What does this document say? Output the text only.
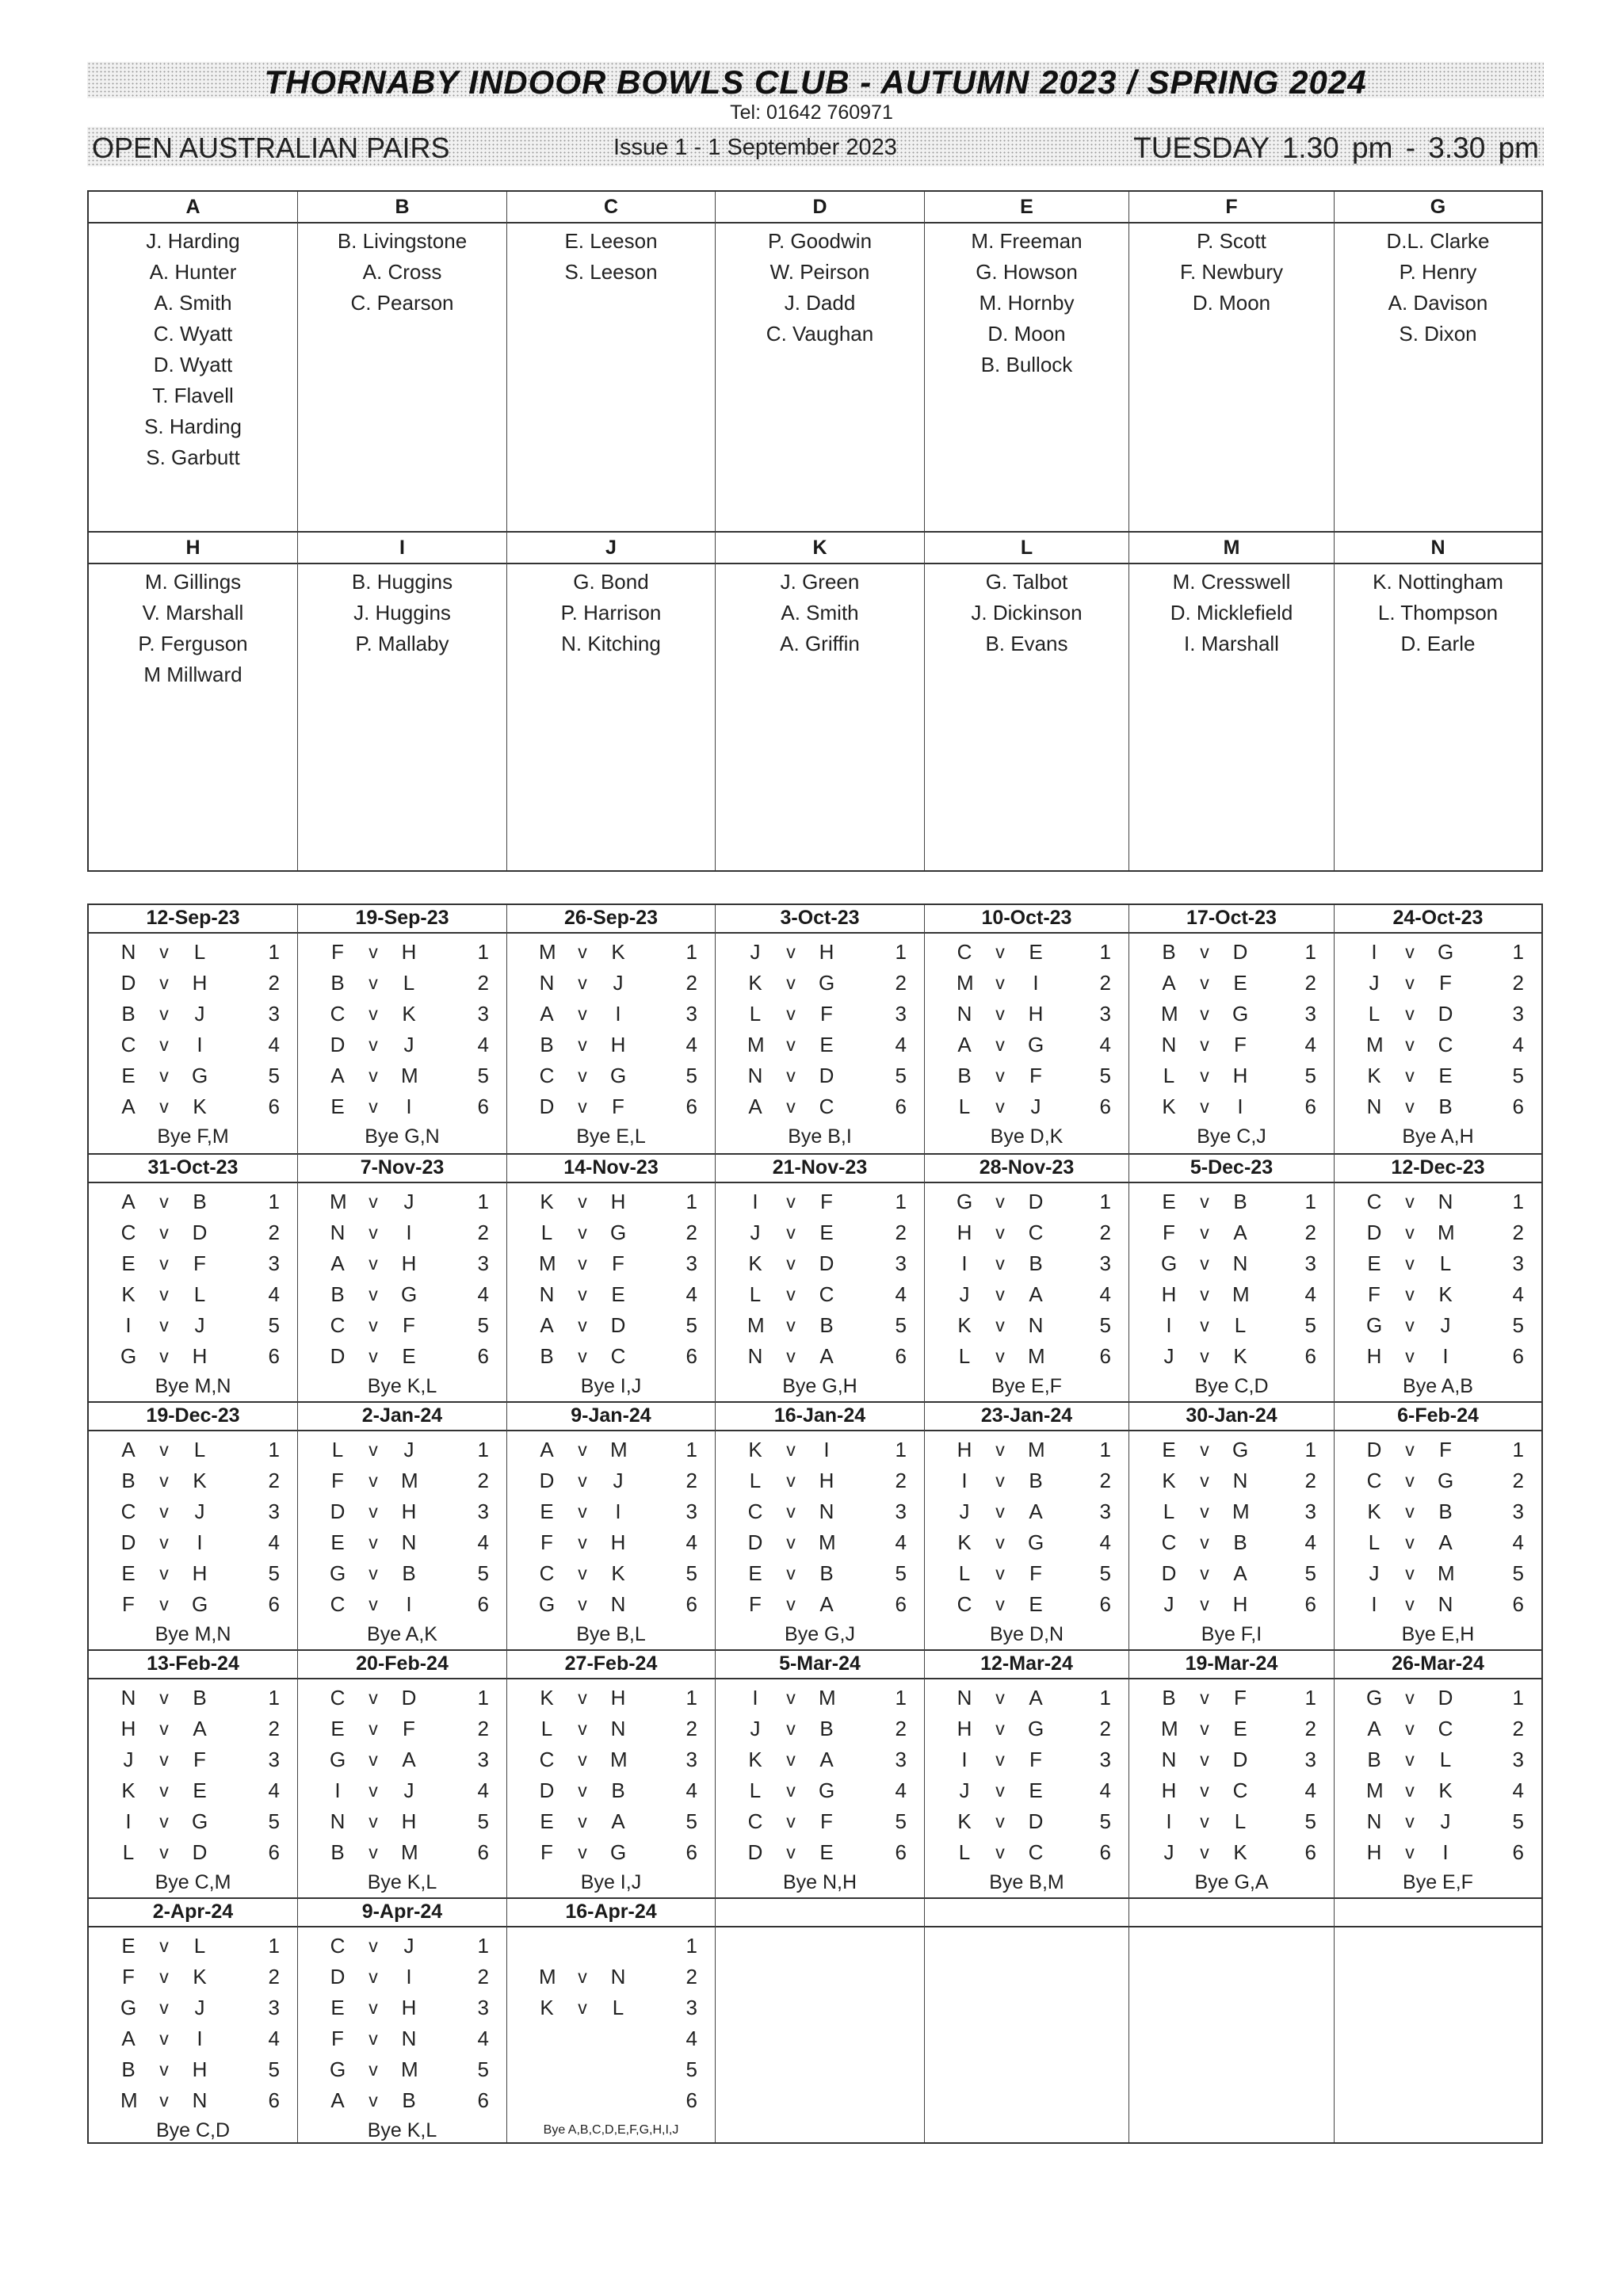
THORNABY INDOOR BOWLS CLUB - AUTUMN 2023 / SPRING 2024
Tel: 01642 760971
OPEN AUSTRALIAN PAIRS	Issue 1 - 1 September 2023	TUESDAY 1.30 pm - 3.30 pm
A
J. Harding
A. Hunter
A. Smith
C. Wyatt
D. Wyatt
T. Flavell
S. Harding
S. Garbutt
B
B. Livingstone
A. Cross
C. Pearson
C
E. Leeson
S. Leeson
D
P. Goodwin
W. Peirson
J. Dadd
C. Vaughan
E
M. Freeman
G. Howson
M. Hornby
D. Moon
B. Bullock
F
P. Scott
F. Newbury
D. Moon
G
D.L. Clarke
P. Henry
A. Davison
S. Dixon
H
M. Gillings
V. Marshall
P. Ferguson
M Millward
I
B. Huggins
J. Huggins
P. Mallaby
J
G. Bond
P. Harrison
N. Kitching
K
J. Green
A. Smith
A. Griffin
L
G. Talbot
J. Dickinson
B. Evans
M
M. Cresswell
D. Micklefield
I. Marshall
N
K. Nottingham
L. Thompson
D. Earle
12-Sep-23
N v L	1
D v H	2
B v J	3
C v I	4
E v G	5
A v K	6
Bye F,M
19-Sep-23
F v H	1
B v L	2
C v K	3
D v J	4
A v M	5
E v I	6
Bye G,N
26-Sep-23
M v K	1
N v J	2
A v I	3
B v H	4
C v G	5
D v F	6
Bye E,L
3-Oct-23
J v H	1
K v G	2
L v F	3
M v E	4
N v D	5
A v C	6
Bye B,I
10-Oct-23
C v E	1
M v I	2
N v H	3
A v G	4
B v F	5
L v J	6
Bye D,K
17-Oct-23
B v D	1
A v E	2
M v G	3
N v F	4
L v H	5
K v I	6
Bye C,J
24-Oct-23
I v G	1
J v F	2
L v D	3
M v C	4
K v E	5
N v B	6
Bye A,H
31-Oct-23
A v B	1
C v D	2
E v F	3
K v L	4
I v J	5
G v H	6
Bye M,N
7-Nov-23
M v J	1
N v I	2
A v H	3
B v G	4
C v F	5
D v E	6
Bye K,L
14-Nov-23
K v H	1
L v G	2
M v F	3
N v E	4
A v D	5
B v C	6
Bye I,J
21-Nov-23
I v F	1
J v E	2
K v D	3
L v C	4
M v B	5
N v A	6
Bye G,H
28-Nov-23
G v D	1
H v C	2
I v B	3
J v A	4
K v N	5
L v M	6
Bye E,F
5-Dec-23
E v B	1
F v A	2
G v N	3
H v M	4
I v L	5
J v K	6
Bye C,D
12-Dec-23
C v N	1
D v M	2
E v L	3
F v K	4
G v J	5
H v I	6
Bye A,B
19-Dec-23
A v L	1
B v K	2
C v J	3
D v I	4
E v H	5
F v G	6
Bye M,N
2-Jan-24
L v J	1
F v M	2
D v H	3
E v N	4
G v B	5
C v I	6
Bye A,K
9-Jan-24
A v M	1
D v J	2
E v I	3
F v H	4
C v K	5
G v N	6
Bye B,L
16-Jan-24
K v I	1
L v H	2
C v N	3
D v M	4
E v B	5
F v A	6
Bye G,J
23-Jan-24
H v M	1
I v B	2
J v A	3
K v G	4
L v F	5
C v E	6
Bye D,N
30-Jan-24
E v G	1
K v N	2
L v M	3
C v B	4
D v A	5
J v H	6
Bye F,I
6-Feb-24
D v F	1
C v G	2
K v B	3
L v A	4
J v M	5
I v N	6
Bye E,H
13-Feb-24
N v B	1
H v A	2
J v F	3
K v E	4
I v G	5
L v D	6
Bye C,M
20-Feb-24
C v D	1
E v F	2
G v A	3
I v J	4
N v H	5
B v M	6
Bye K,L
27-Feb-24
K v H	1
L v N	2
C v M	3
D v B	4
E v A	5
F v G	6
Bye I,J
5-Mar-24
I v M	1
J v B	2
K v A	3
L v G	4
C v F	5
D v E	6
Bye N,H
12-Mar-24
N v A	1
H v G	2
I v F	3
J v E	4
K v D	5
L v C	6
Bye B,M
19-Mar-24
B v F	1
M v E	2
N v D	3
H v C	4
I v L	5
J v K	6
Bye G,A
26-Mar-24
G v D	1
A v C	2
B v L	3
M v K	4
N v J	5
H v I	6
Bye E,F
2-Apr-24
E v L	1
F v K	2
G v J	3
A v I	4
B v H	5
M v N	6
Bye C,D
9-Apr-24
C v J	1
D v I	2
E v H	3
F v N	4
G v M	5
A v B	6
Bye K,L
16-Apr-24
1
M v N	2
K v L	3
4
5
6
Bye A,B,C,D,E,F,G,H,I,J
